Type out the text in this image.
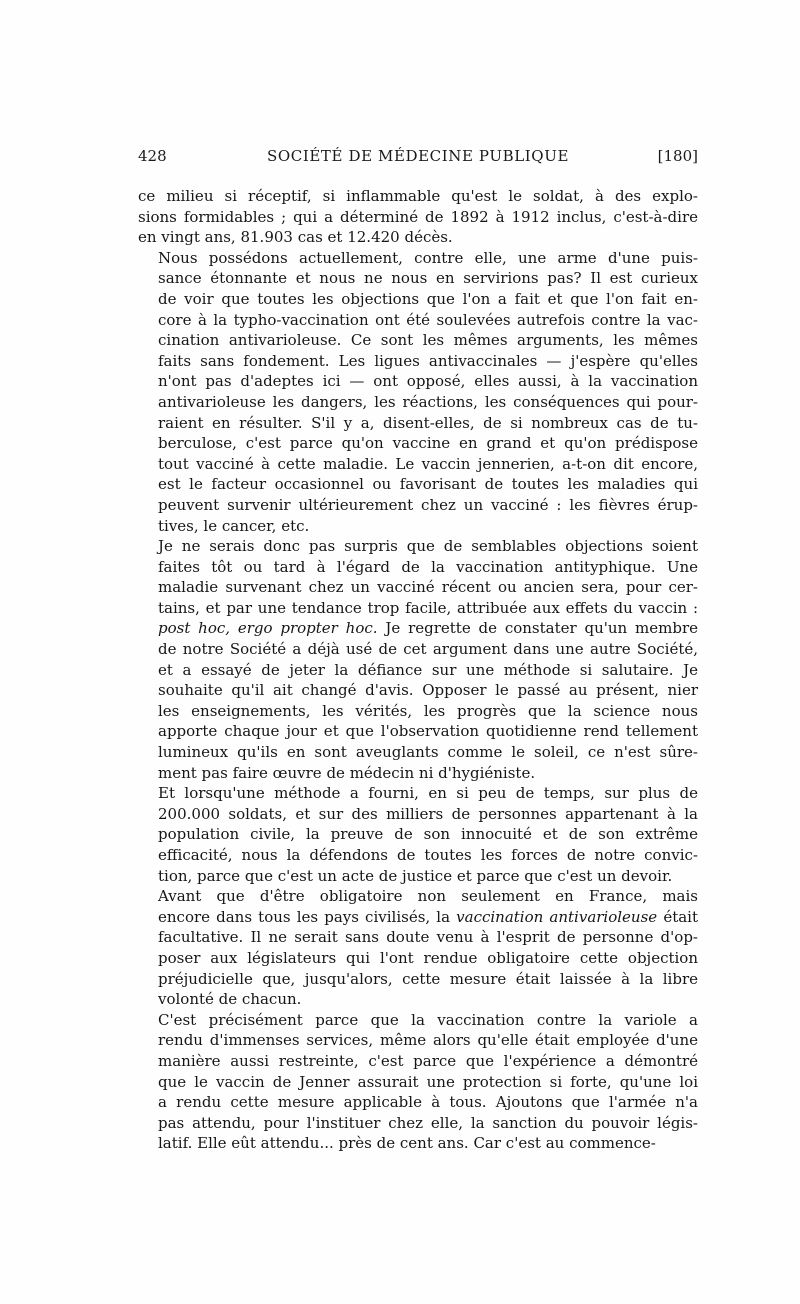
428	SOCIÉTÉ DE MÉDECINE PUBLIQUE	[180]

ce milieu si réceptif, si inflammable qu'est le soldat, à des explo-
sions formidables ; qui a déterminé de 1892 à 1912 inclus, c'est-à-dire
en vingt ans, 81.903 cas et 12.420 décès.

Nous possédons actuellement, contre elle, une arme d'une puis-
sance étonnante et nous ne nous en servirions pas? Il est curieux
de voir que toutes les objections que l'on a fait et que l'on fait en-
core à la typho-vaccination ont été soulevées autrefois contre la vac-
cination antivarioleuse. Ce sont les mêmes arguments, les mêmes
faits sans fondement. Les ligues antivaccinales — j'espère qu'elles
n'ont pas d'adeptes ici — ont opposé, elles aussi, à la vaccination
antivarioleuse les dangers, les réactions, les conséquences qui pour-
raient en résulter. S'il y a, disent-elles, de si nombreux cas de tu-
berculose, c'est parce qu'on vaccine en grand et qu'on prédispose
tout vacciné à cette maladie. Le vaccin jennerien, a-t-on dit encore,
est le facteur occasionnel ou favorisant de toutes les maladies qui
peuvent survenir ultérieurement chez un vacciné : les fièvres érup-
tives, le cancer, etc.

Je ne serais donc pas surpris que de semblables objections soient
faites tôt ou tard à l'égard de la vaccination antityphique. Une
maladie survenant chez un vacciné récent ou ancien sera, pour cer-
tains, et par une tendance trop facile, attribuée aux effets du vaccin :
post hoc, ergo propter hoc. Je regrette de constater qu'un membre
de notre Société a déjà usé de cet argument dans une autre Société,
et a essayé de jeter la défiance sur une méthode si salutaire. Je
souhaite qu'il ait changé d'avis. Opposer le passé au présent, nier
les enseignements, les vérités, les progrès que la science nous
apporte chaque jour et que l'observation quotidienne rend tellement
lumineux qu'ils en sont aveuglants comme le soleil, ce n'est sûre-
ment pas faire œuvre de médecin ni d'hygiéniste.

Et lorsqu'une méthode a fourni, en si peu de temps, sur plus de
200.000 soldats, et sur des milliers de personnes appartenant à la
population civile, la preuve de son innocuité et de son extrême
efficacité, nous la défendons de toutes les forces de notre convic-
tion, parce que c'est un acte de justice et parce que c'est un devoir.

Avant que d'être obligatoire non seulement en France, mais
encore dans tous les pays civilisés, la vaccination antivarioleuse était
facultative. Il ne serait sans doute venu à l'esprit de personne d'op-
poser aux législateurs qui l'ont rendue obligatoire cette objection
préjudicielle que, jusqu'alors, cette mesure était laissée à la libre
volonté de chacun.

C'est précisément parce que la vaccination contre la variole a
rendu d'immenses services, même alors qu'elle était employée d'une
manière aussi restreinte, c'est parce que l'expérience a démontré
que le vaccin de Jenner assurait une protection si forte, qu'une loi
a rendu cette mesure applicable à tous. Ajoutons que l'armée n'a
pas attendu, pour l'instituer chez elle, la sanction du pouvoir légis-
latif. Elle eût attendu... près de cent ans. Car c'est au commence-
